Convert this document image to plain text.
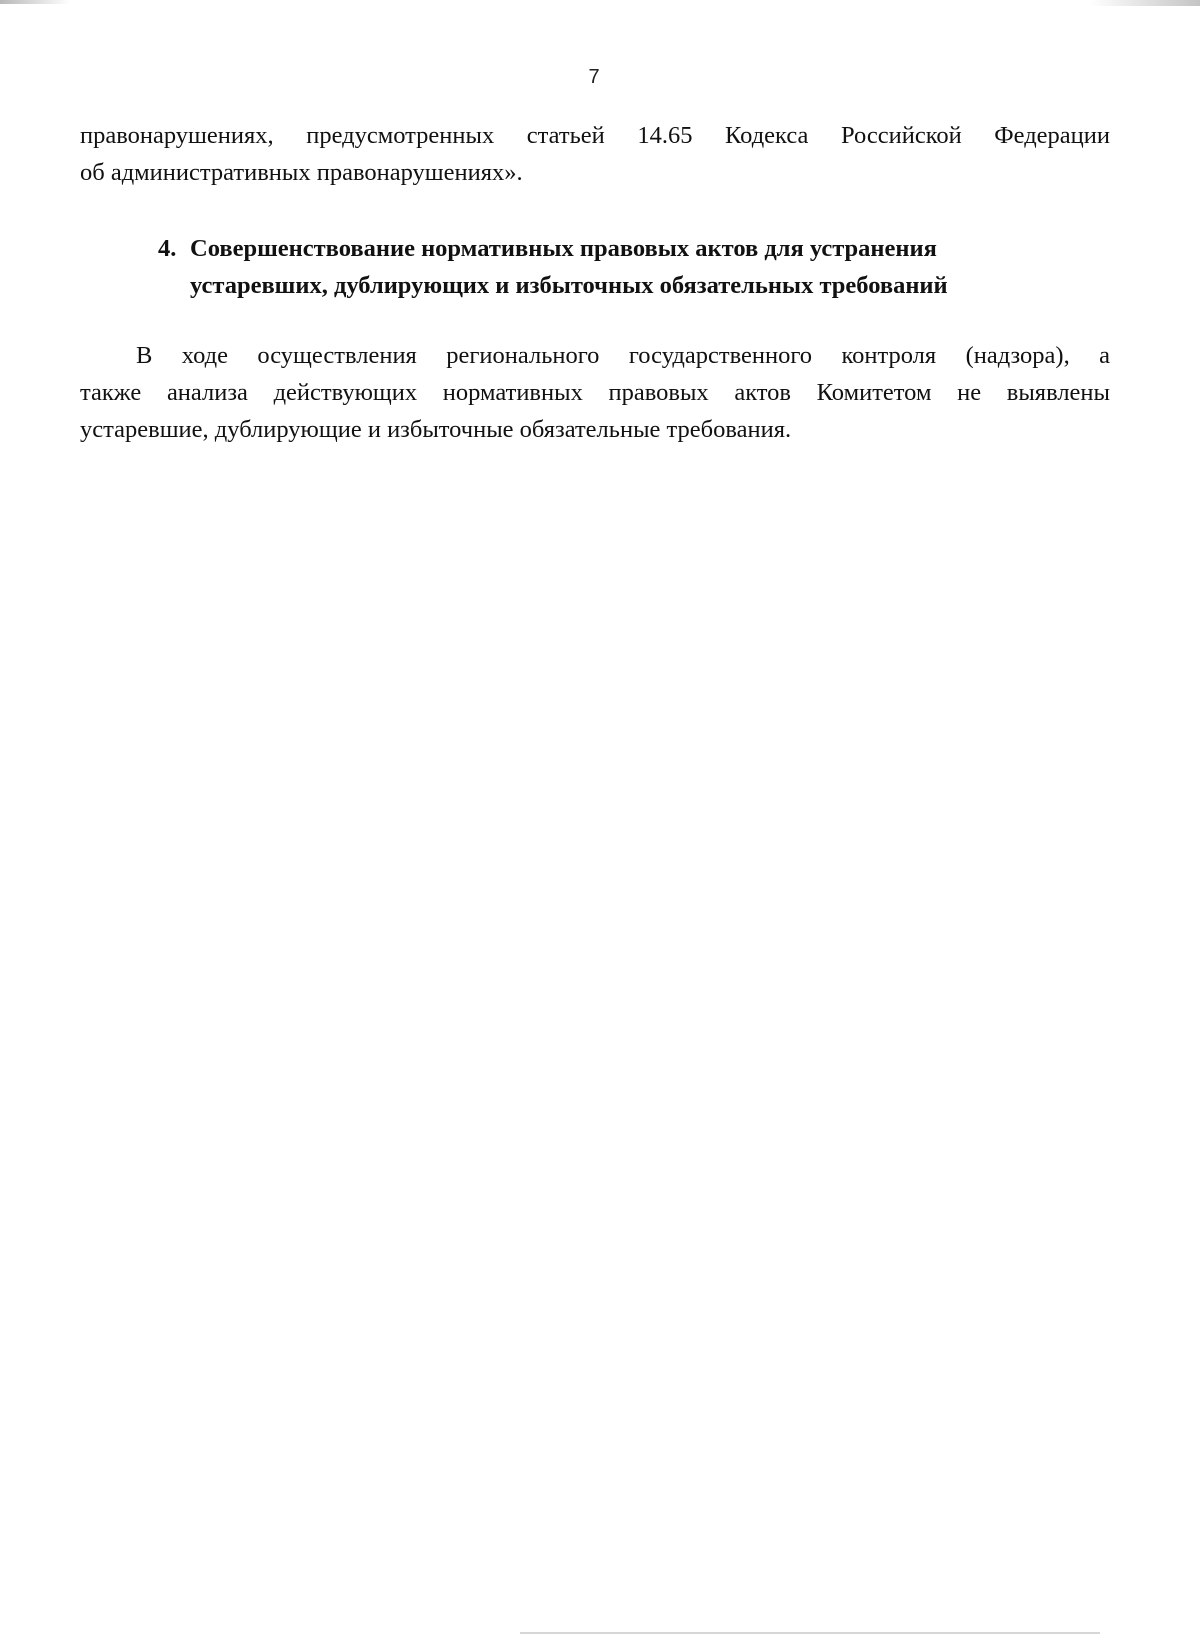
7

правонарушениях, предусмотренных статьей 14.65 Кодекса Российской Федерации
об административных правонарушениях».

4. Совершенствование нормативных правовых актов для устранения
устаревших, дублирующих и избыточных обязательных требований

В ходе осуществления регионального государственного контроля (надзора), а
также анализа действующих нормативных правовых актов Комитетом не выявлены
устаревшие, дублирующие и избыточные обязательные требования.
